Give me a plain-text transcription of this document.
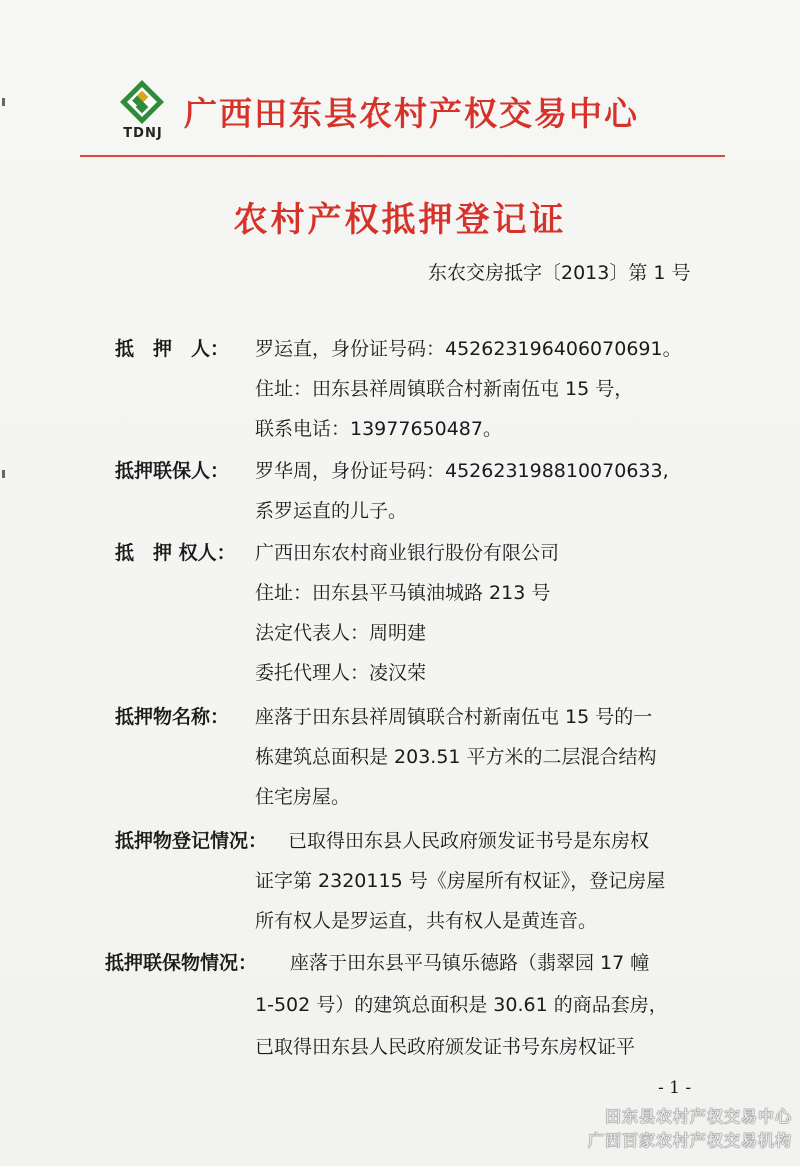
TDNJ
广西田东县农村产权交易中心
农村产权抵押登记证
东农交房抵字〔2013〕第 1 号
抵　押　人： 罗运直，身份证号码：452623196406070691。
住址：田东县祥周镇联合村新南伍屯 15 号，
联系电话：13977650487。
抵押联保人： 罗华周，身份证号码：452623198810070633,
系罗运直的儿子。
抵　押 权人： 广西田东农村商业银行股份有限公司
住址：田东县平马镇油城路 213 号
法定代表人：周明建
委托代理人：凌汉荣
抵押物名称： 座落于田东县祥周镇联合村新南伍屯 15 号的一
栋建筑总面积是 203.51 平方米的二层混合结构
住宅房屋。
抵押物登记情况： 已取得田东县人民政府颁发证书号是东房权
证字第 2320115 号《房屋所有权证》，登记房屋
所有权人是罗运直，共有权人是黄连音。
抵押联保物情况： 座落于田东县平马镇乐德路（翡翠园 17 幢
1-502 号）的建筑总面积是 30.61 的商品套房，
已取得田东县人民政府颁发证书号东房权证平
- 1 -
田东县农村产权交易中心
广西百家农村产权交易机构
